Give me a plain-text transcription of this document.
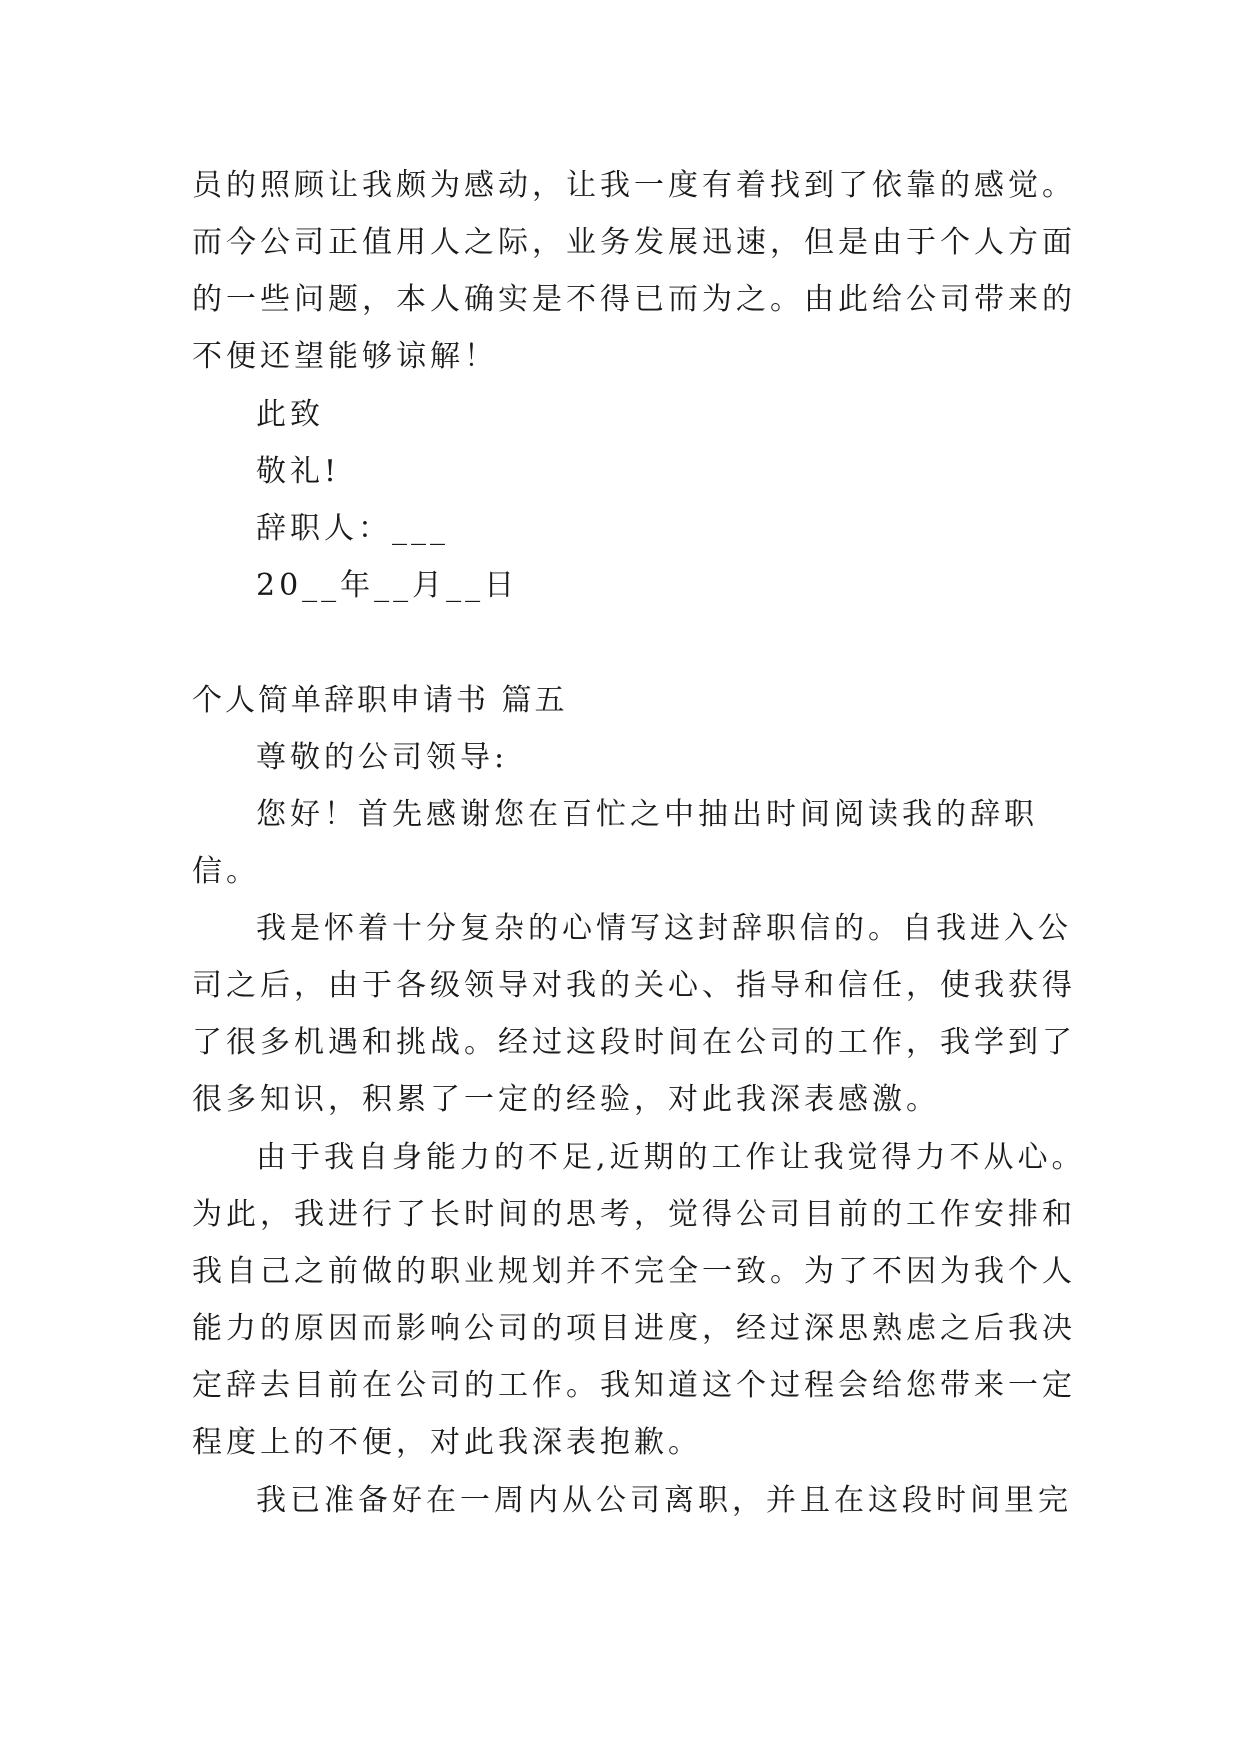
员的照顾让我颇为感动，让我一度有着找到了依靠的感觉。
而今公司正值用人之际，业务发展迅速，但是由于个人方面
的一些问题，本人确实是不得已而为之。由此给公司带来的
不便还望能够谅解！
此致
敬礼!
辞职人：___
20__年__月__日
个人简单辞职申请书 篇五
尊敬的公司领导:
您好！首先感谢您在百忙之中抽出时间阅读我的辞职
信。
我是怀着十分复杂的心情写这封辞职信的。自我进入公
司之后，由于各级领导对我的关心、指导和信任，使我获得
了很多机遇和挑战。经过这段时间在公司的工作，我学到了
很多知识，积累了一定的经验，对此我深表感激。
由于我自身能力的不足,近期的工作让我觉得力不从心。
为此，我进行了长时间的思考，觉得公司目前的工作安排和
我自己之前做的职业规划并不完全一致。为了不因为我个人
能力的原因而影响公司的项目进度，经过深思熟虑之后我决
定辞去目前在公司的工作。我知道这个过程会给您带来一定
程度上的不便，对此我深表抱歉。
我已准备好在一周内从公司离职，并且在这段时间里完
